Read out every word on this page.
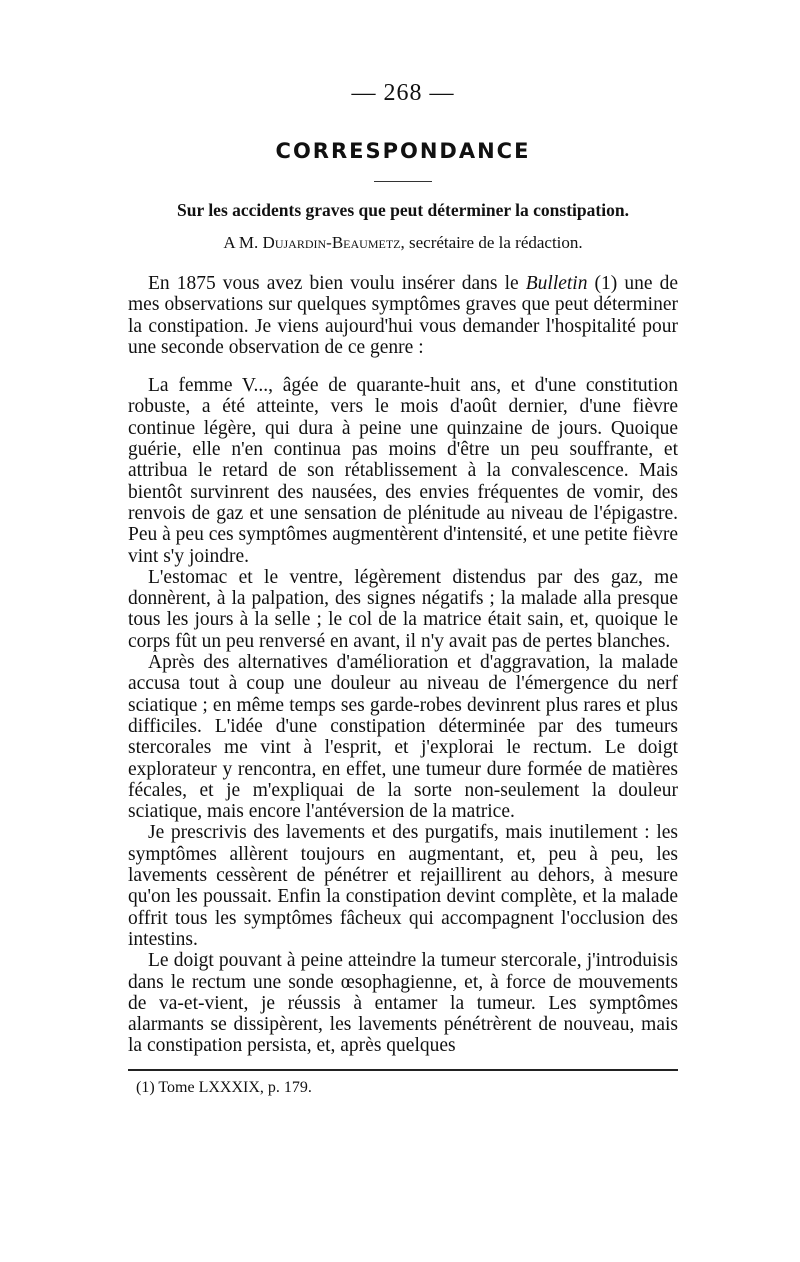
— 268 —
CORRESPONDANCE
Sur les accidents graves que peut déterminer la constipation.
A M. Dujardin-Beaumetz, secrétaire de la rédaction.

En 1875 vous avez bien voulu insérer dans le Bulletin (1) une de mes observations sur quelques symptômes graves que peut déterminer la constipation. Je viens aujourd'hui vous demander l'hospitalité pour une seconde observation de ce genre :

La femme V..., âgée de quarante-huit ans, et d'une constitution robuste, a été atteinte, vers le mois d'août dernier, d'une fièvre continue légère, qui dura à peine une quinzaine de jours. Quoique guérie, elle n'en continua pas moins d'être un peu souffrante, et attribua le retard de son rétablissement à la convalescence. Mais bientôt survinrent des nausées, des envies fréquentes de vomir, des renvois de gaz et une sensation de plénitude au niveau de l'épigastre. Peu à peu ces symptômes augmentèrent d'intensité, et une petite fièvre vint s'y joindre.

L'estomac et le ventre, légèrement distendus par des gaz, me donnèrent, à la palpation, des signes négatifs ; la malade alla presque tous les jours à la selle ; le col de la matrice était sain, et, quoique le corps fût un peu renversé en avant, il n'y avait pas de pertes blanches.

Après des alternatives d'amélioration et d'aggravation, la malade accusa tout à coup une douleur au niveau de l'émergence du nerf sciatique ; en même temps ses garde-robes devinrent plus rares et plus difficiles. L'idée d'une constipation déterminée par des tumeurs stercorales me vint à l'esprit, et j'explorai le rectum. Le doigt explorateur y rencontra, en effet, une tumeur dure formée de matières fécales, et je m'expliquai de la sorte non-seulement la douleur sciatique, mais encore l'antéversion de la matrice.

Je prescrivis des lavements et des purgatifs, mais inutilement : les symptômes allèrent toujours en augmentant, et, peu à peu, les lavements cessèrent de pénétrer et rejaillirent au dehors, à mesure qu'on les poussait. Enfin la constipation devint complète, et la malade offrit tous les symptômes fâcheux qui accompagnent l'occlusion des intestins.

Le doigt pouvant à peine atteindre la tumeur stercorale, j'introduisis dans le rectum une sonde œsophagienne, et, à force de mouvements de va-et-vient, je réussis à entamer la tumeur. Les symptômes alarmants se dissipèrent, les lavements pénétrèrent de nouveau, mais la constipation persista, et, après quelques

(1) Tome LXXXIX, p. 179.
